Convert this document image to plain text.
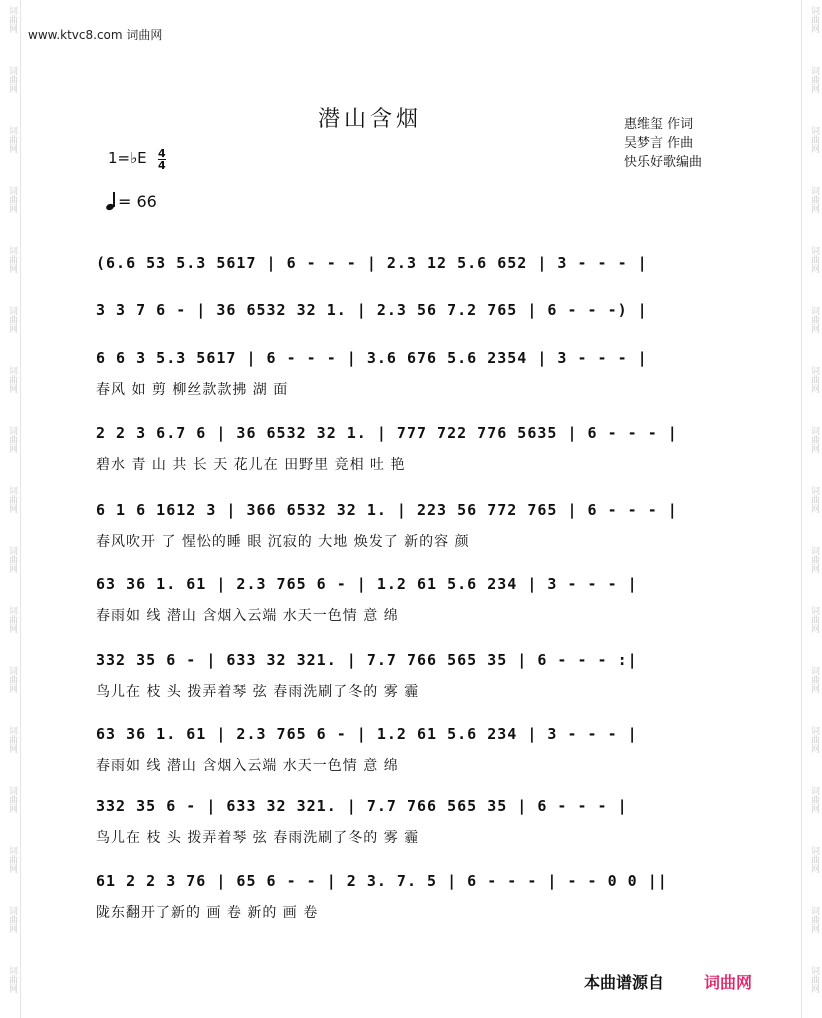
词曲网
词曲网
词曲网
词曲网
词曲网
词曲网
词曲网
词曲网
词曲网
词曲网
词曲网
词曲网
词曲网
词曲网
词曲网
词曲网
词曲网
词曲网
词曲网
词曲网
词曲网
词曲网
词曲网
词曲网
词曲网
词曲网
词曲网
词曲网
词曲网
词曲网
词曲网
词曲网
词曲网
词曲网
www.ktvc8.com 词曲网
潜山含烟	惠维玺 作词
吴梦言 作曲
快乐好歌编曲
1=♭E 4
4
= 66
(6.6 53 5.3 5617 | 6 - - - | 2.3 12 5.6 652 | 3 - - - |
3 3 7 6 - | 36 6532 32 1. | 2.3 56 7.2 765 | 6 - - -) |
6 6 3 5.3 5617 | 6 - - - | 3.6 676 5.6 2354 | 3 - - - |
春风 如 剪 柳丝款款拂 湖 面
2 2 3 6.7 6 | 36 6532 32 1. | 777 722 776 5635 | 6 - - - |
碧水 青 山 共 长 天 花儿在 田野里 竞相 吐 艳
6 1 6 1612 3 | 366 6532 32 1. | 223 56 772 765 | 6 - - - |
春风吹开 了 惺忪的睡 眼 沉寂的 大地 焕发了 新的容 颜
63 36 1. 61 | 2.3 765 6 - | 1.2 61 5.6 234 | 3 - - - |
春雨如 线 潜山 含烟入云端 水天一色情 意 绵
332 35 6 - | 633 32 321. | 7.7 766 565 35 | 6 - - - :|
鸟儿在 枝 头 拨弄着琴 弦 春雨洗刷了冬的 雾 霾
63 36 1. 61 | 2.3 765 6 - | 1.2 61 5.6 234 | 3 - - - |
春雨如 线 潜山 含烟入云端 水天一色情 意 绵
332 35 6 - | 633 32 321. | 7.7 766 565 35 | 6 - - - |
鸟儿在 枝 头 拨弄着琴 弦 春雨洗刷了冬的 雾 霾
61 2 2 3 76 | 65 6 - - | 2 3. 7. 5 | 6 - - - | - - 0 0 ||
陇东翻开了新的 画 卷 新的 画 卷
本曲谱源自	词曲网
